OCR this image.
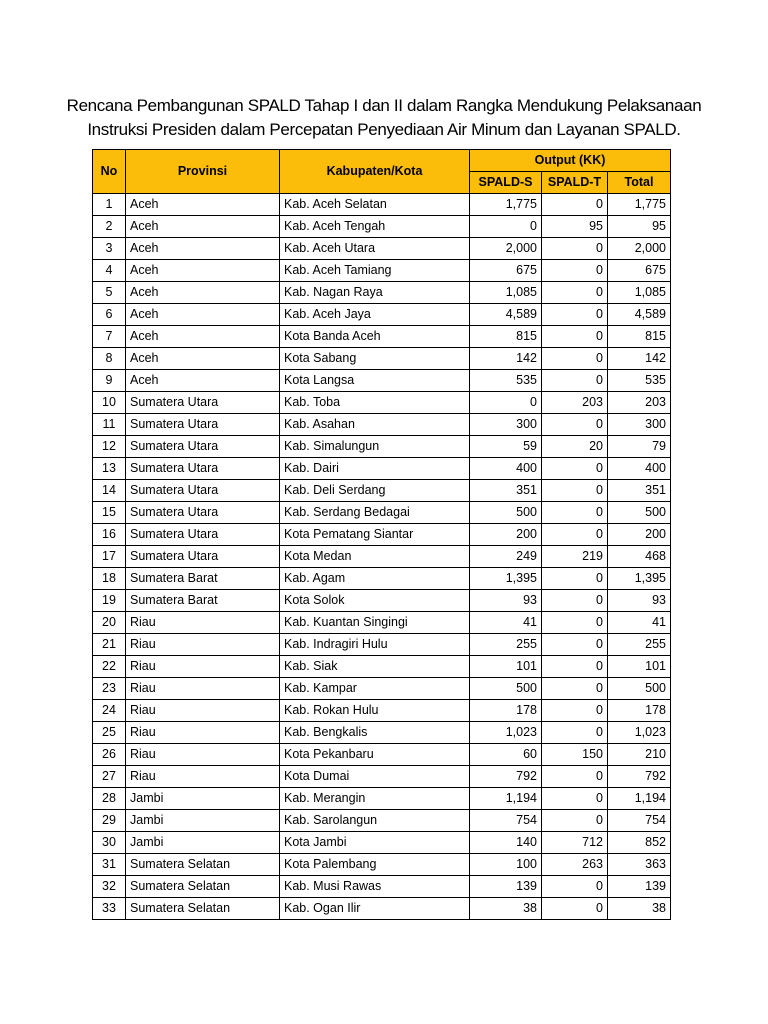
Rencana Pembangunan SPALD Tahap I dan II dalam Rangka Mendukung Pelaksanaan
Instruksi Presiden dalam Percepatan Penyediaan Air Minum dan Layanan SPALD.
No	Provinsi	Kabupaten/Kota	Output (KK)		
			SPALD-S	SPALD-T	Total
1	Aceh	Kab. Aceh Selatan	1,775	0	1,775
2	Aceh	Kab. Aceh Tengah	0	95	95
3	Aceh	Kab. Aceh Utara	2,000	0	2,000
4	Aceh	Kab. Aceh Tamiang	675	0	675
5	Aceh	Kab. Nagan Raya	1,085	0	1,085
6	Aceh	Kab. Aceh Jaya	4,589	0	4,589
7	Aceh	Kota Banda Aceh	815	0	815
8	Aceh	Kota Sabang	142	0	142
9	Aceh	Kota Langsa	535	0	535
10	Sumatera Utara	Kab. Toba	0	203	203
11	Sumatera Utara	Kab. Asahan	300	0	300
12	Sumatera Utara	Kab. Simalungun	59	20	79
13	Sumatera Utara	Kab. Dairi	400	0	400
14	Sumatera Utara	Kab. Deli Serdang	351	0	351
15	Sumatera Utara	Kab. Serdang Bedagai	500	0	500
16	Sumatera Utara	Kota Pematang Siantar	200	0	200
17	Sumatera Utara	Kota Medan	249	219	468
18	Sumatera Barat	Kab. Agam	1,395	0	1,395
19	Sumatera Barat	Kota Solok	93	0	93
20	Riau	Kab. Kuantan Singingi	41	0	41
21	Riau	Kab. Indragiri Hulu	255	0	255
22	Riau	Kab. Siak	101	0	101
23	Riau	Kab. Kampar	500	0	500
24	Riau	Kab. Rokan Hulu	178	0	178
25	Riau	Kab. Bengkalis	1,023	0	1,023
26	Riau	Kota Pekanbaru	60	150	210
27	Riau	Kota Dumai	792	0	792
28	Jambi	Kab. Merangin	1,194	0	1,194
29	Jambi	Kab. Sarolangun	754	0	754
30	Jambi	Kota Jambi	140	712	852
31	Sumatera Selatan	Kota Palembang	100	263	363
32	Sumatera Selatan	Kab. Musi Rawas	139	0	139
33	Sumatera Selatan	Kab. Ogan Ilir	38	0	38
